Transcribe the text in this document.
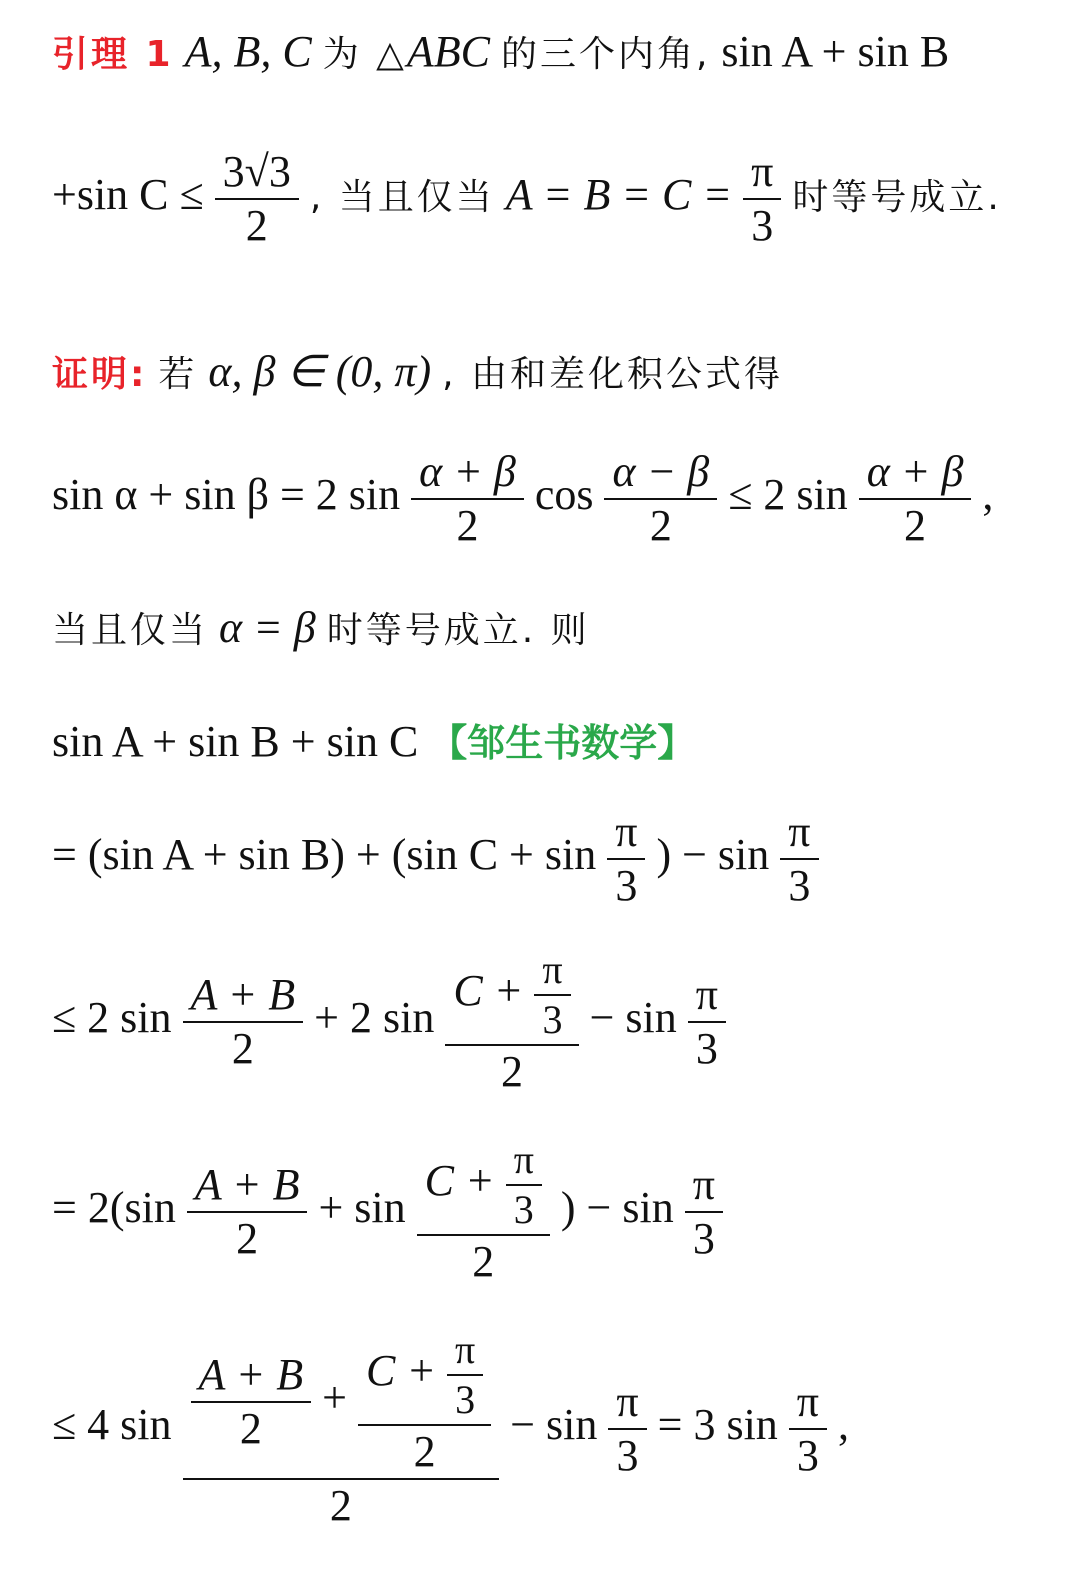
引理 1 A, B, C 为 △ABC 的三个内角, sin A + sin B
+sin $C \le \frac{3√3}{2}$ , 当且仅当 $A = B = C = \frac{\pi}{3}$ 时等号成立.
证明: 若 α, β ∈ (0, π) , 由和差化积公式得
sin α + sin β = 2 $\sin \frac{\alpha + \beta}{2}$ $\cos \frac{\alpha - \beta}{2} \le 2$ $\sin \frac{\alpha + \beta}{2}$ ,
当且仅当 α = β 时等号成立. 则
sin A + sin B + sin C 【邹生书数学】
= (sin A + sin B) + (sin $C + \sin \frac{\pi}{3}$ ) − $\sin \frac{\pi}{3}$
≤ 2 $\sin \frac{A + B}{2} + 2$ $\sin \frac{C + \frac{\pi}{3}}{2} - \sin \frac{\pi}{3}$
= $2(\sin \frac{A + B}{2} + \sin \frac{C + \frac{\pi}{3}}{2}$ ) − $\sin \frac{\pi}{3}$
≤ 4 $\sin \frac{A + B}{2} + \frac{C + \frac{\pi}{3}}{2}$
2
− $\sin \frac{\pi}{3} = 3$ $\sin \frac{\pi}{3}$ ,
